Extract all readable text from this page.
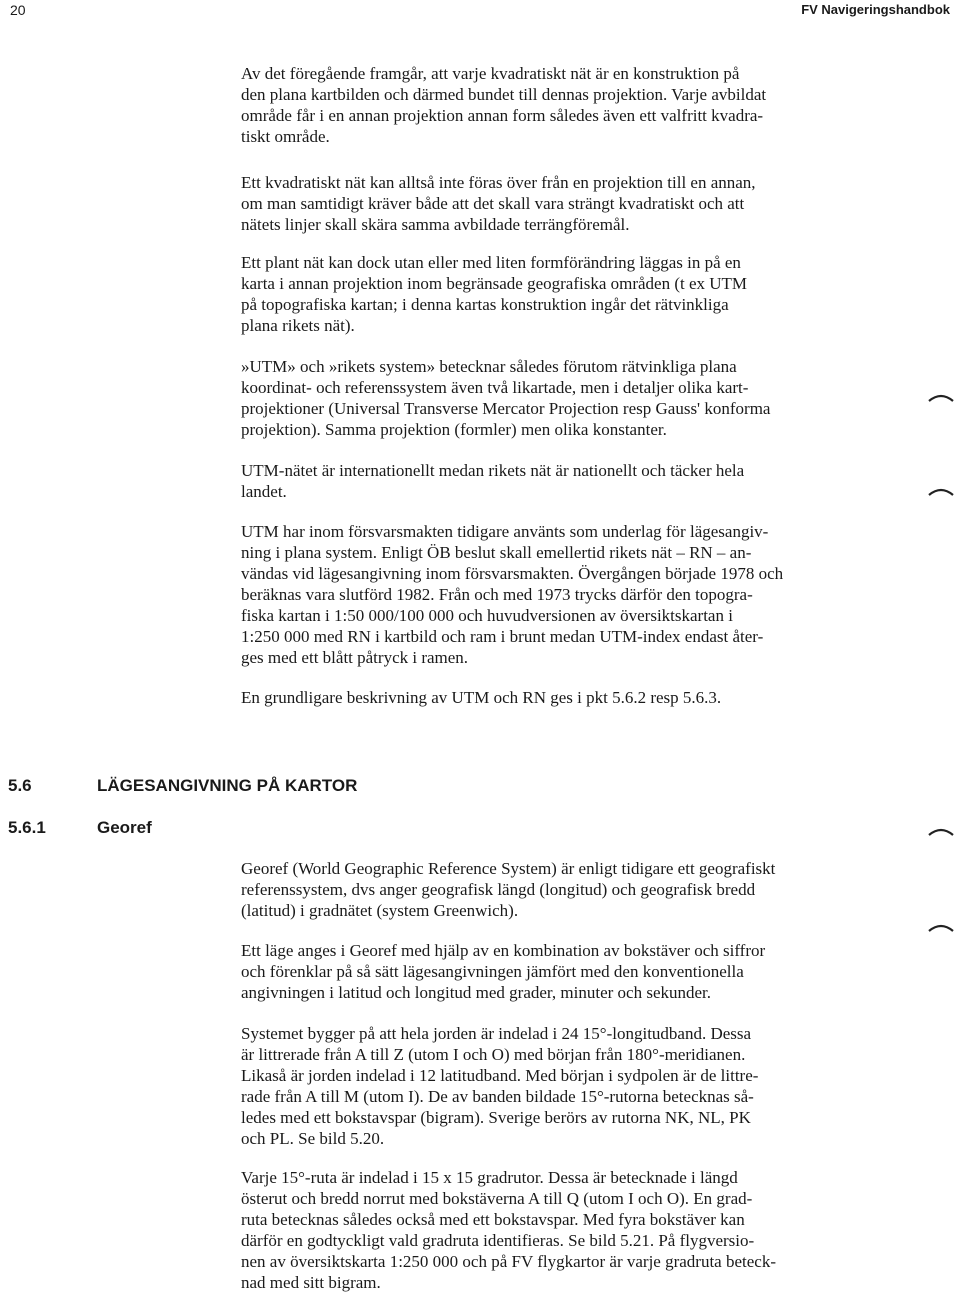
20	FV Navigeringshandbok
Av det föregående framgår, att varje kvadratiskt nät är en konstruktion på
den plana kartbilden och därmed bundet till dennas projektion. Varje avbildat
område får i en annan projektion annan form således även ett valfritt kvadra-
tiskt område.
Ett kvadratiskt nät kan alltså inte föras över från en projektion till en annan,
om man samtidigt kräver både att det skall vara strängt kvadratiskt och att
nätets linjer skall skära samma avbildade terrängföremål.
Ett plant nät kan dock utan eller med liten formförändring läggas in på en
karta i annan projektion inom begränsade geografiska områden (t ex UTM
på topografiska kartan; i denna kartas konstruktion ingår det rätvinkliga
plana rikets nät).
»UTM» och »rikets system» betecknar således förutom rätvinkliga plana
koordinat- och referenssystem även två likartade, men i detaljer olika kart-
projektioner (Universal Transverse Mercator Projection resp Gauss' konforma
projektion). Samma projektion (formler) men olika konstanter.
UTM-nätet är internationellt medan rikets nät är nationellt och täcker hela
landet.
UTM har inom försvarsmakten tidigare använts som underlag för lägesangiv-
ning i plana system. Enligt ÖB beslut skall emellertid rikets nät – RN – an-
vändas vid lägesangivning inom försvarsmakten. Övergången började 1978 och
beräknas vara slutförd 1982. Från och med 1973 trycks därför den topogra-
fiska kartan i 1:50 000/100 000 och huvudversionen av översiktskartan i
1:250 000 med RN i kartbild och ram i brunt medan UTM-index endast åter-
ges med ett blått påtryck i ramen.
En grundligare beskrivning av UTM och RN ges i pkt 5.6.2 resp 5.6.3.
5.6	LÄGESANGIVNING PÅ KARTOR
5.6.1	Georef
Georef (World Geographic Reference System) är enligt tidigare ett geografiskt
referenssystem, dvs anger geografisk längd (longitud) och geografisk bredd
(latitud) i gradnätet (system Greenwich).
Ett läge anges i Georef med hjälp av en kombination av bokstäver och siffror
och förenklar på så sätt lägesangivningen jämfört med den konventionella
angivningen i latitud och longitud med grader, minuter och sekunder.
Systemet bygger på att hela jorden är indelad i 24 15°-longitudband. Dessa
är littrerade från A till Z (utom I och O) med början från 180°-meridianen.
Likaså är jorden indelad i 12 latitudband. Med början i sydpolen är de littre-
rade från A till M (utom I). De av banden bildade 15°-rutorna betecknas så-
ledes med ett bokstavspar (bigram). Sverige berörs av rutorna NK, NL, PK
och PL. Se bild 5.20.
Varje 15°-ruta är indelad i 15 x 15 gradrutor. Dessa är betecknade i längd
österut och bredd norrut med bokstäverna A till Q (utom I och O). En grad-
ruta betecknas således också med ett bokstavspar. Med fyra bokstäver kan
därför en godtyckligt vald gradruta identifieras. Se bild 5.21. På flygversio-
nen av översiktskarta 1:250 000 och på FV flygkartor är varje gradruta beteck-
nad med sitt bigram.
